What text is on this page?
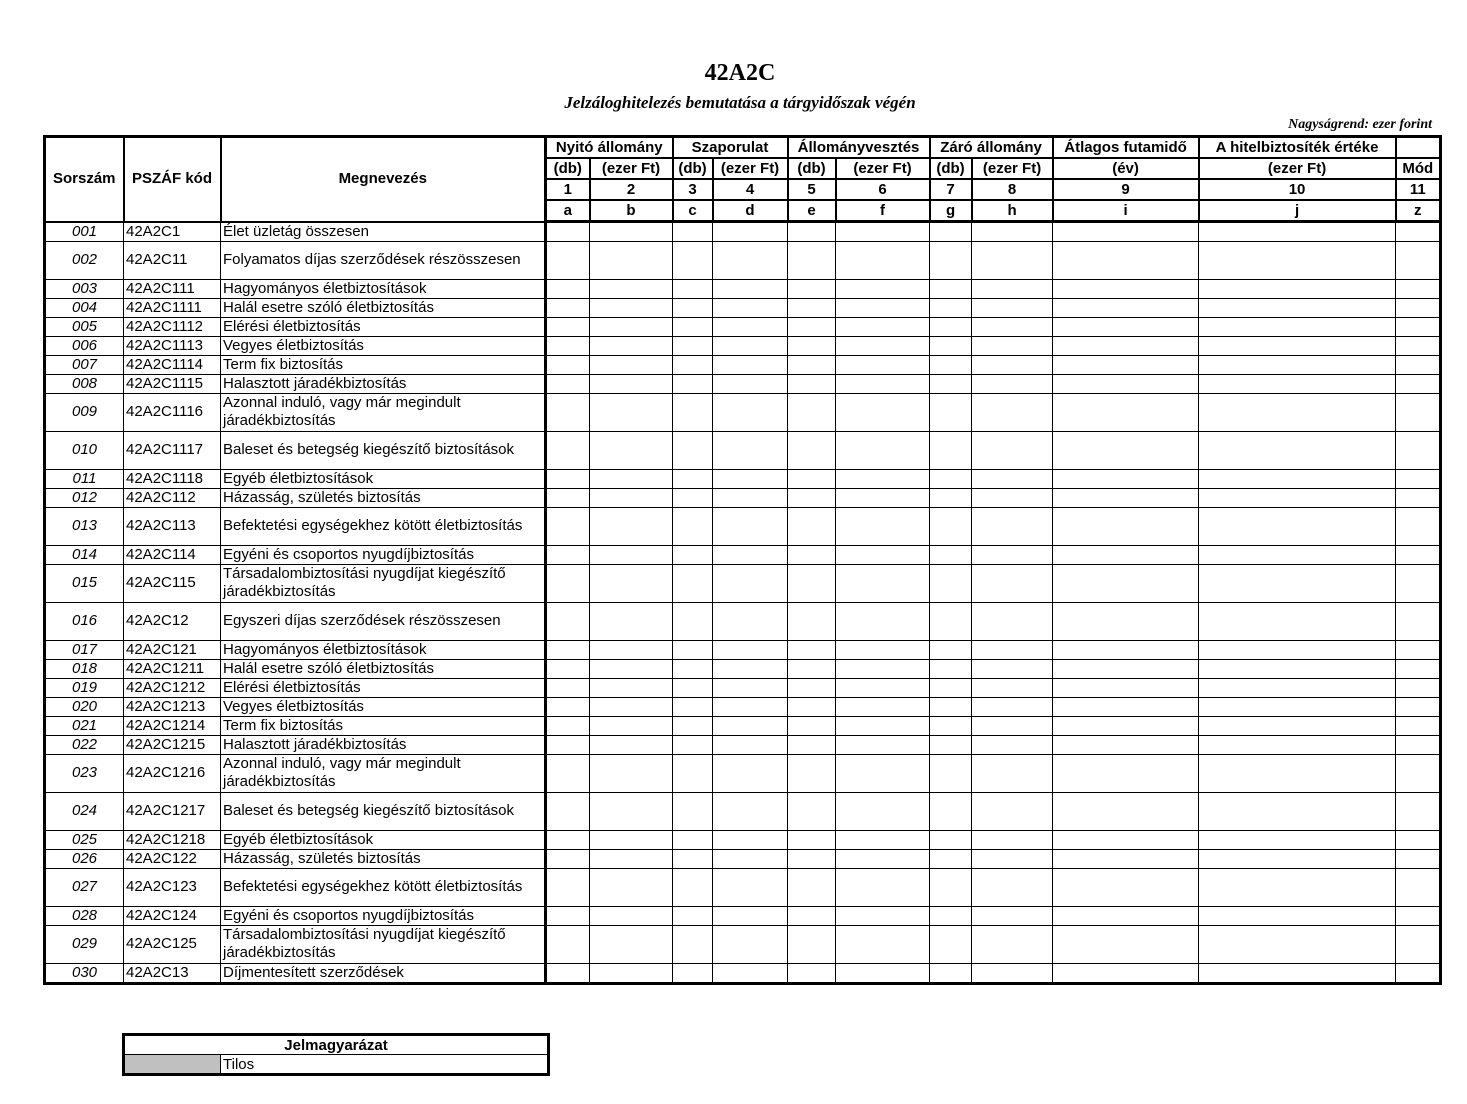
42A2C
Jelzáloghitelezés bemutatása a tárgyidőszak végén
Nagyságrend: ezer forint
Sorszám	PSZÁF kód	Megnevezés	Nyitó állomány		Szaporulat		Állományvesztés		Záró állomány		Átlagos futamidő	A hitelbiztosíték értéke	
			(db)	(ezer Ft)	(db)	(ezer Ft)	(db)	(ezer Ft)	(db)	(ezer Ft)	(év)	(ezer Ft)	Mód
			1	2	3	4	5	6	7	8	9	10	11
			a	b	c	d	e	f	g	h	i	j	z
001	42A2C1	Élet üzletág összesen											
002	42A2C11	Folyamatos díjas szerződések részösszesen											
003	42A2C111	Hagyományos életbiztosítások											
004	42A2C1111	Halál esetre szóló életbiztosítás											
005	42A2C1112	Elérési életbiztosítás											
006	42A2C1113	Vegyes életbiztosítás											
007	42A2C1114	Term fix biztosítás											
008	42A2C1115	Halasztott járadékbiztosítás											
009	42A2C1116	Azonnal induló, vagy már megindult járadékbiztosítás											
010	42A2C1117	Baleset és betegség kiegészítő biztosítások											
011	42A2C1118	Egyéb életbiztosítások											
012	42A2C112	Házasság, születés biztosítás											
013	42A2C113	Befektetési egységekhez kötött életbiztosítás											
014	42A2C114	Egyéni és csoportos nyugdíjbiztosítás											
015	42A2C115	Társadalombiztosítási nyugdíjat kiegészítő járadékbiztosítás											
016	42A2C12	Egyszeri díjas szerződések részösszesen											
017	42A2C121	Hagyományos életbiztosítások											
018	42A2C1211	Halál esetre szóló életbiztosítás											
019	42A2C1212	Elérési életbiztosítás											
020	42A2C1213	Vegyes életbiztosítás											
021	42A2C1214	Term fix biztosítás											
022	42A2C1215	Halasztott járadékbiztosítás											
023	42A2C1216	Azonnal induló, vagy már megindult járadékbiztosítás											
024	42A2C1217	Baleset és betegség kiegészítő biztosítások											
025	42A2C1218	Egyéb életbiztosítások											
026	42A2C122	Házasság, születés biztosítás											
027	42A2C123	Befektetési egységekhez kötött életbiztosítás											
028	42A2C124	Egyéni és csoportos nyugdíjbiztosítás											
029	42A2C125	Társadalombiztosítási nyugdíjat kiegészítő járadékbiztosítás											
030	42A2C13	Díjmentesített szerződések											
Jelmagyarázat
	Tilos
